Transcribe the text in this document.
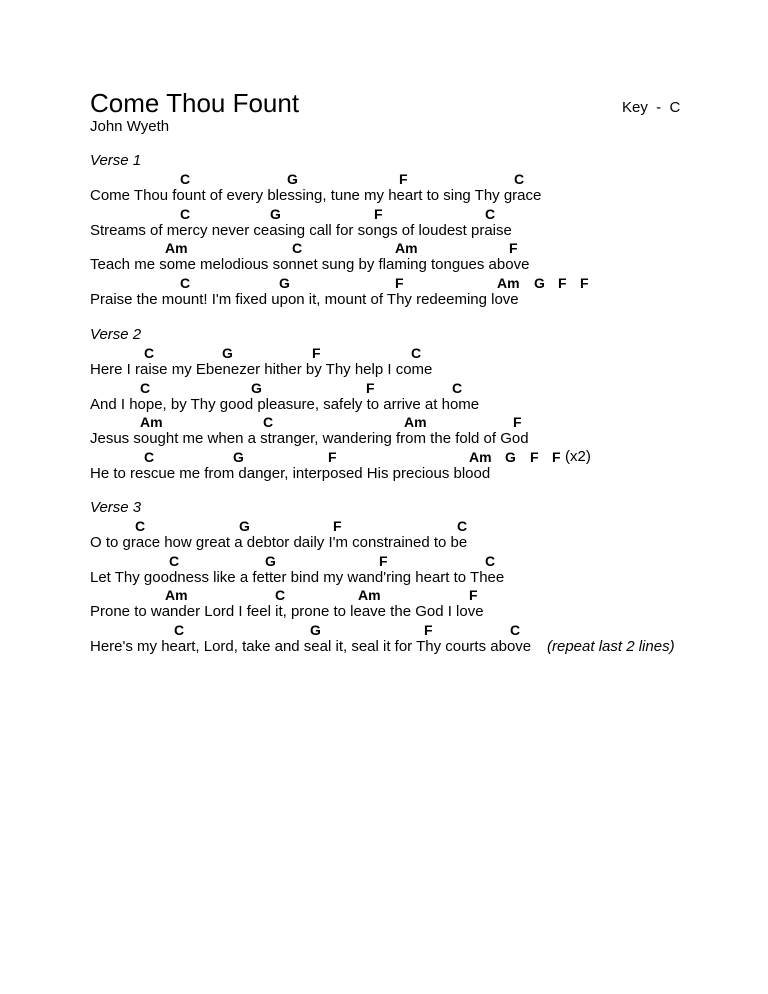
Come Thou Fount
John Wyeth
Key  -  C
Verse 1
C	G	F	C
Come Thou fount of every blessing, tune my heart to sing Thy grace
C	G	F	C
Streams of mercy never ceasing call for songs of loudest praise
Am	C	Am	F
Teach me some melodious sonnet sung by flaming tongues above
C	G	F	Am G F F
Praise the mount! I'm fixed upon it, mount of Thy redeeming love
Verse 2
C	G	F	C
Here I raise my Ebenezer hither by Thy help I come
C	G	F	C
And I hope, by Thy good pleasure, safely to arrive at home
Am	C	Am	F
Jesus sought me when a stranger, wandering from the fold of God
C	G	F	Am G F F (x2)
He to rescue me from danger, interposed His precious blood
Verse 3
C	G	F	C
O to grace how great a debtor daily I'm constrained to be
C	G	F	C
Let Thy goodness like a fetter bind my wand'ring heart to Thee
Am	C	Am	F
Prone to wander Lord I feel it, prone to leave the God I love
C	G	F	C
Here's my heart, Lord, take and seal it, seal it for Thy courts above (repeat last 2 lines)
